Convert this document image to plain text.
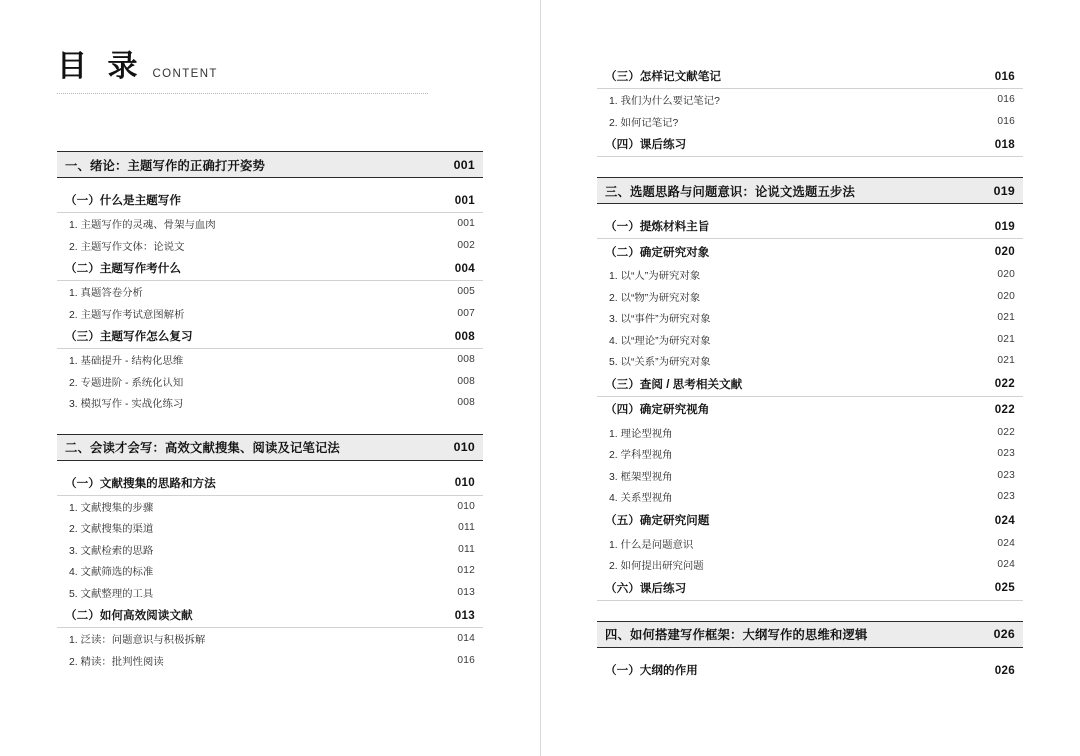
目 录 CONTENT
一、绪论：主题写作的正确打开姿势	001
（一）什么是主题写作	001
1. 主题写作的灵魂、骨架与血肉	001
2. 主题写作文体：论说文	002
（二）主题写作考什么	004
1. 真题答卷分析	005
2. 主题写作考试意图解析	007
（三）主题写作怎么复习	008
1. 基础提升 - 结构化思维	008
2. 专题进阶 - 系统化认知	008
3. 模拟写作 - 实战化练习	008
二、会读才会写：高效文献搜集、阅读及记笔记法	010
（一）文献搜集的思路和方法	010
1. 文献搜集的步骤	010
2. 文献搜集的渠道	011
3. 文献检索的思路	011
4. 文献筛选的标准	012
5. 文献整理的工具	013
（二）如何高效阅读文献	013
1. 泛读：问题意识与积极拆解	014
2. 精读：批判性阅读	016
（三）怎样记文献笔记	016
1. 我们为什么要记笔记?	016
2. 如何记笔记?	016
（四）课后练习	018
三、选题思路与问题意识：论说文选题五步法	019
（一）提炼材料主旨	019
（二）确定研究对象	020
1. 以“人”为研究对象	020
2. 以“物”为研究对象	020
3. 以“事件”为研究对象	021
4. 以“理论”为研究对象	021
5. 以“关系”为研究对象	021
（三）查阅 / 思考相关文献	022
（四）确定研究视角	022
1. 理论型视角	022
2. 学科型视角	023
3. 框架型视角	023
4. 关系型视角	023
（五）确定研究问题	024
1. 什么是问题意识	024
2. 如何提出研究问题	024
（六）课后练习	025
四、如何搭建写作框架：大纲写作的思维和逻辑	026
（一）大纲的作用	026
